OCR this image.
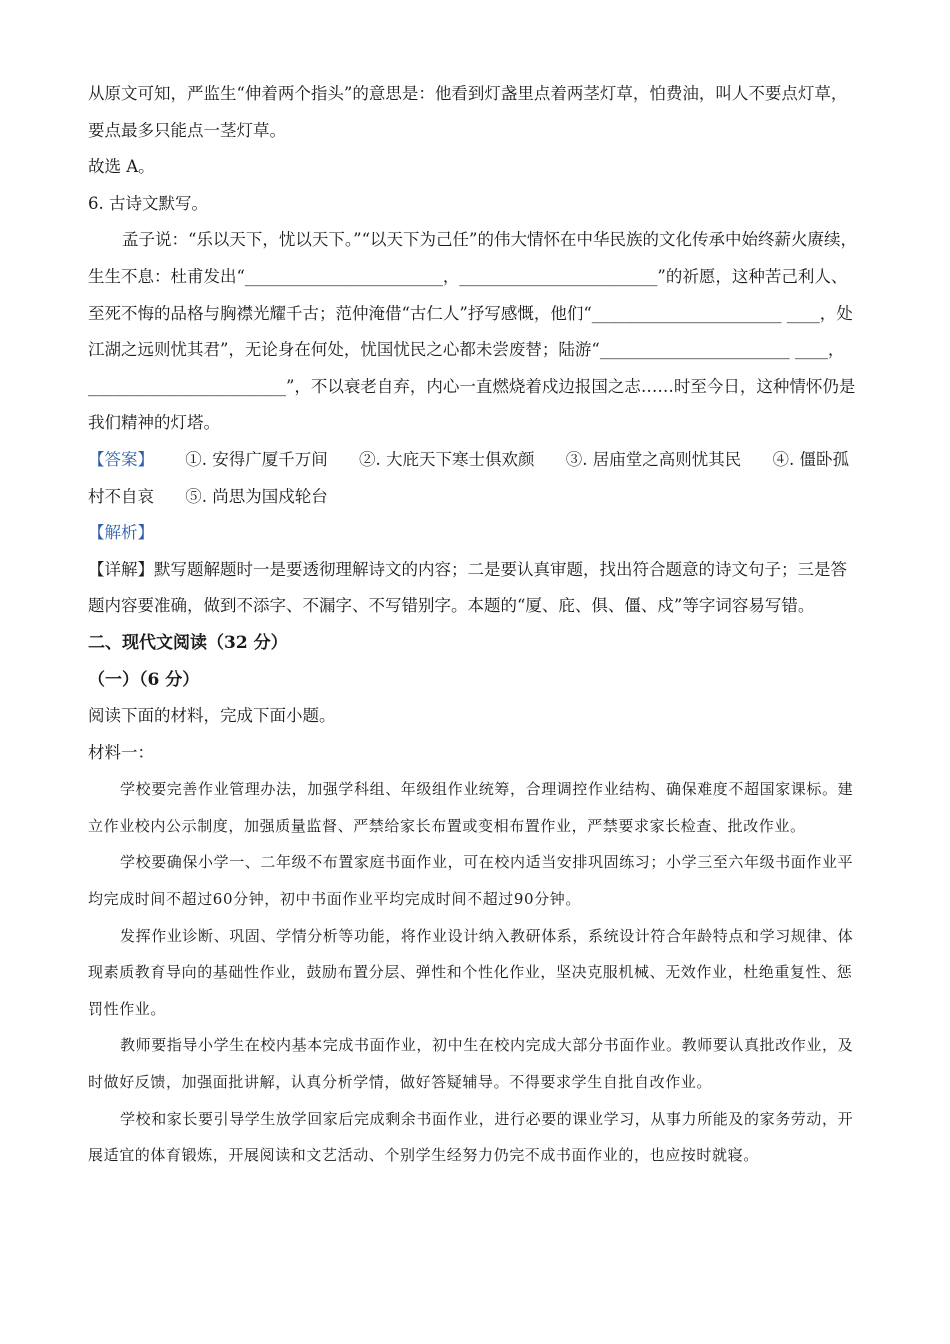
从原文可知，严监生“伸着两个指头”的意思是：他看到灯盏里点着两茎灯草，怕费油，叫人不要点灯草，要点最多只能点一茎灯草。

故选 A。

6. 古诗文默写。

孟子说：“乐以天下，忧以天下。”“以天下为己任”的伟大情怀在中华民族的文化传承中始终薪火赓续，生生不息：杜甫发出“________________________，________________________”的祈愿，这种苦己利人、至死不悔的品格与胸襟光耀千古；范仲淹借“古仁人”抒写感慨，他们“_______________________ ____，处江湖之远则忧其君”，无论身在何处，忧国忧民之心都未尝废替；陆游“_______________________ ____，________________________”，不以衰老自弃，内心一直燃烧着戍边报国之志……时至今日，这种情怀仍是我们精神的灯塔。

【答案】 ①. 安得广厦千万间 ②. 大庇天下寒士俱欢颜 ③. 居庙堂之高则忧其民 ④. 僵卧孤村不自哀 ⑤. 尚思为国戍轮台

【解析】

【详解】默写题解题时一是要透彻理解诗文的内容；二是要认真审题，找出符合题意的诗文句子；三是答题内容要准确，做到不添字、不漏字、不写错别字。本题的“厦、庇、俱、僵、戍”等字词容易写错。

二、现代文阅读（32 分）

（一）（6 分）

阅读下面的材料，完成下面小题。

材料一：

学校要完善作业管理办法，加强学科组、年级组作业统筹，合理调控作业结构、确保难度不超国家课标。建立作业校内公示制度，加强质量监督、严禁给家长布置或变相布置作业，严禁要求家长检查、批改作业。

学校要确保小学一、二年级不布置家庭书面作业，可在校内适当安排巩固练习；小学三至六年级书面作业平均完成时间不超过60分钟，初中书面作业平均完成时间不超过90分钟。

发挥作业诊断、巩固、学情分析等功能，将作业设计纳入教研体系，系统设计符合年龄特点和学习规律、体现素质教育导向的基础性作业，鼓励布置分层、弹性和个性化作业，坚决克服机械、无效作业，杜绝重复性、惩罚性作业。

教师要指导小学生在校内基本完成书面作业，初中生在校内完成大部分书面作业。教师要认真批改作业，及时做好反馈，加强面批讲解，认真分析学情，做好答疑辅导。不得要求学生自批自改作业。

学校和家长要引导学生放学回家后完成剩余书面作业，进行必要的课业学习，从事力所能及的家务劳动，开展适宜的体育锻炼，开展阅读和文艺活动、个别学生经努力仍完不成书面作业的，也应按时就寝。
